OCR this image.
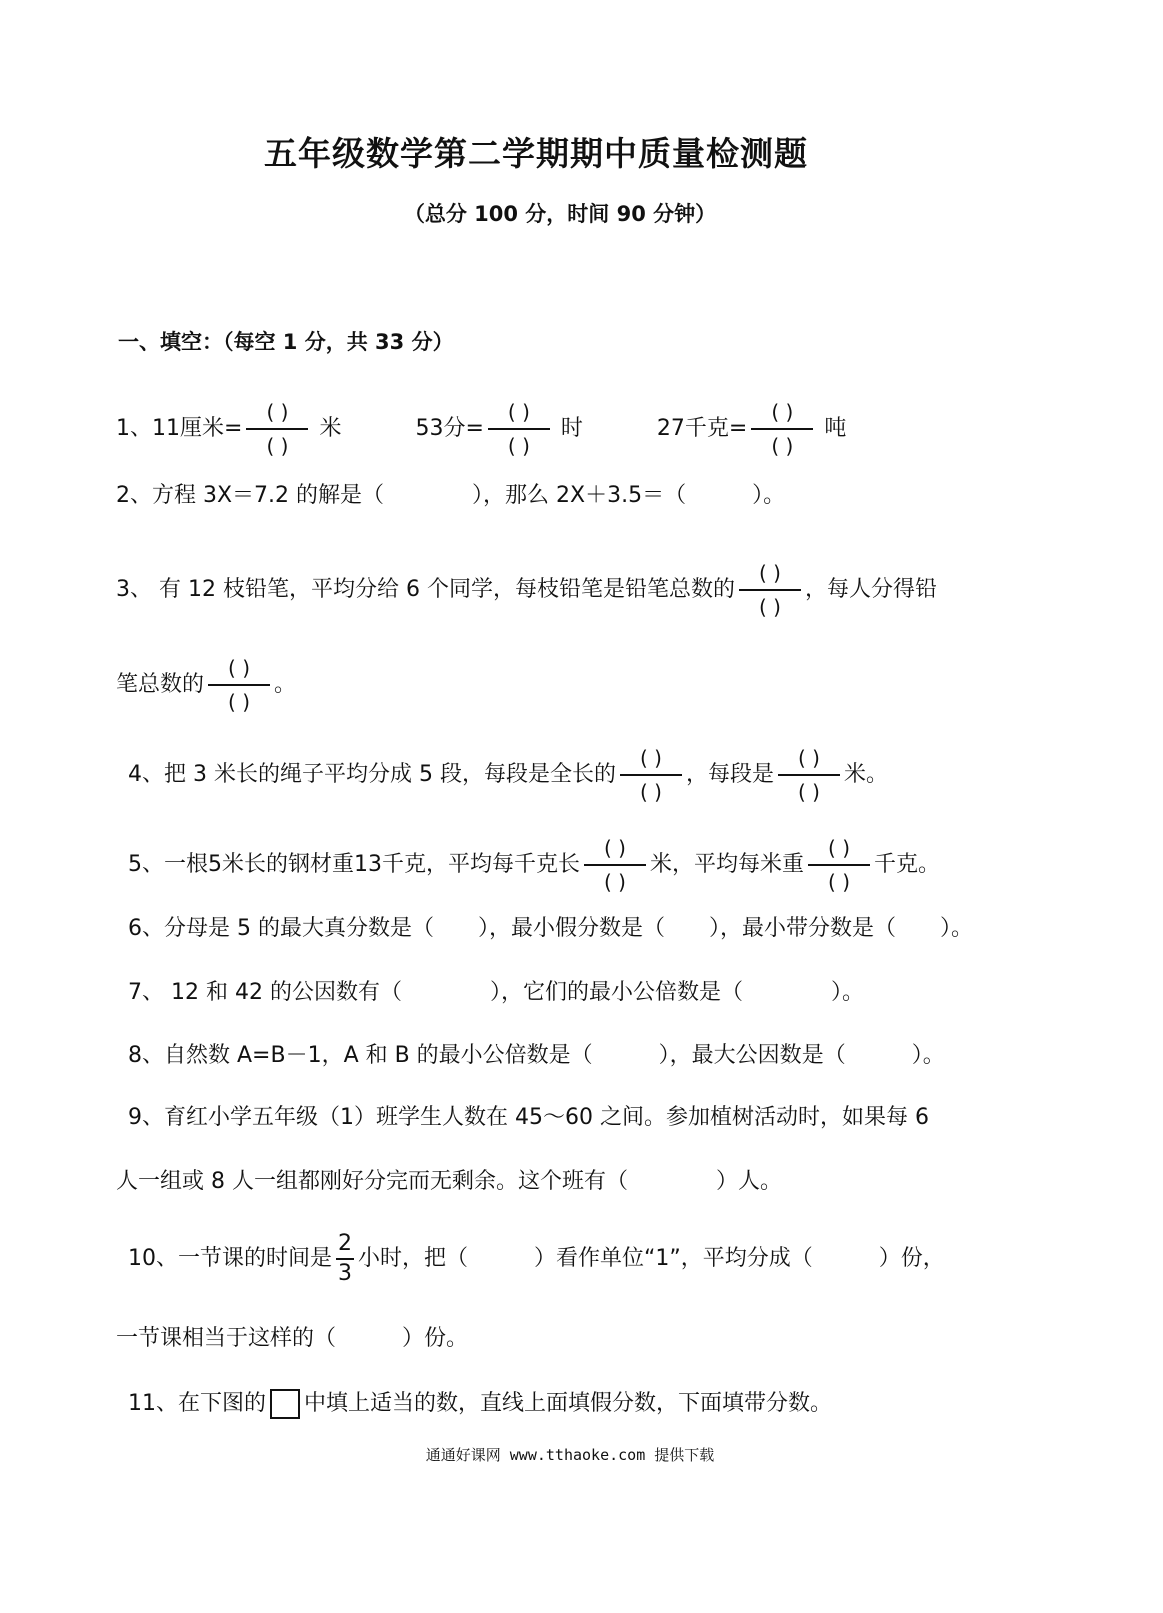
五年级数学第二学期期中质量检测题
（总分 100 分，时间 90 分钟）
一、填空：（每空 1 分，共 33 分）
1、11厘米= $\frac{( )}{( )}$ 米	53分= $\frac{( )}{( )}$ 时	27千克= $\frac{( )}{( )}$ 吨
2、方程 3X＝7.2 的解是（　　　　），那么 2X＋3.5＝（　　　）。
3、 有 12 枝铅笔，平均分给 6 个同学，每枝铅笔是铅笔总数的 $\frac{( )}{( )}$ ，每人分得铅
笔总数的 $\frac{( )}{( )}$ 。
4、把 3 米长的绳子平均分成 5 段，每段是全长的 $\frac{( )}{( )}$ ，每段是 $\frac{( )}{( )}$ 米。
5、一根5米长的钢材重13千克，平均每千克长 $\frac{( )}{( )}$ 米，平均每米重 $\frac{( )}{( )}$ 千克。
6、分母是 5 的最大真分数是（　　），最小假分数是（　　），最小带分数是（　　）。
7、 12 和 42 的公因数有（　　　　），它们的最小公倍数是（　　　　）。
8、自然数 A=B－1，A 和 B 的最小公倍数是（　　　），最大公因数是（　　　）。
9、育红小学五年级（1）班学生人数在 45～60 之间。参加植树活动时，如果每 6
人一组或 8 人一组都刚好分完而无剩余。这个班有（　　　　）人。
10、一节课的时间是 $\frac{2}{3}$ 小时，把（　　　）看作单位“1”，平均分成（　　　）份，
一节课相当于这样的（　　　）份。
11、在下图的 中填上适当的数，直线上面填假分数，下面填带分数。
通通好课网 www.tthaoke.com 提供下载
